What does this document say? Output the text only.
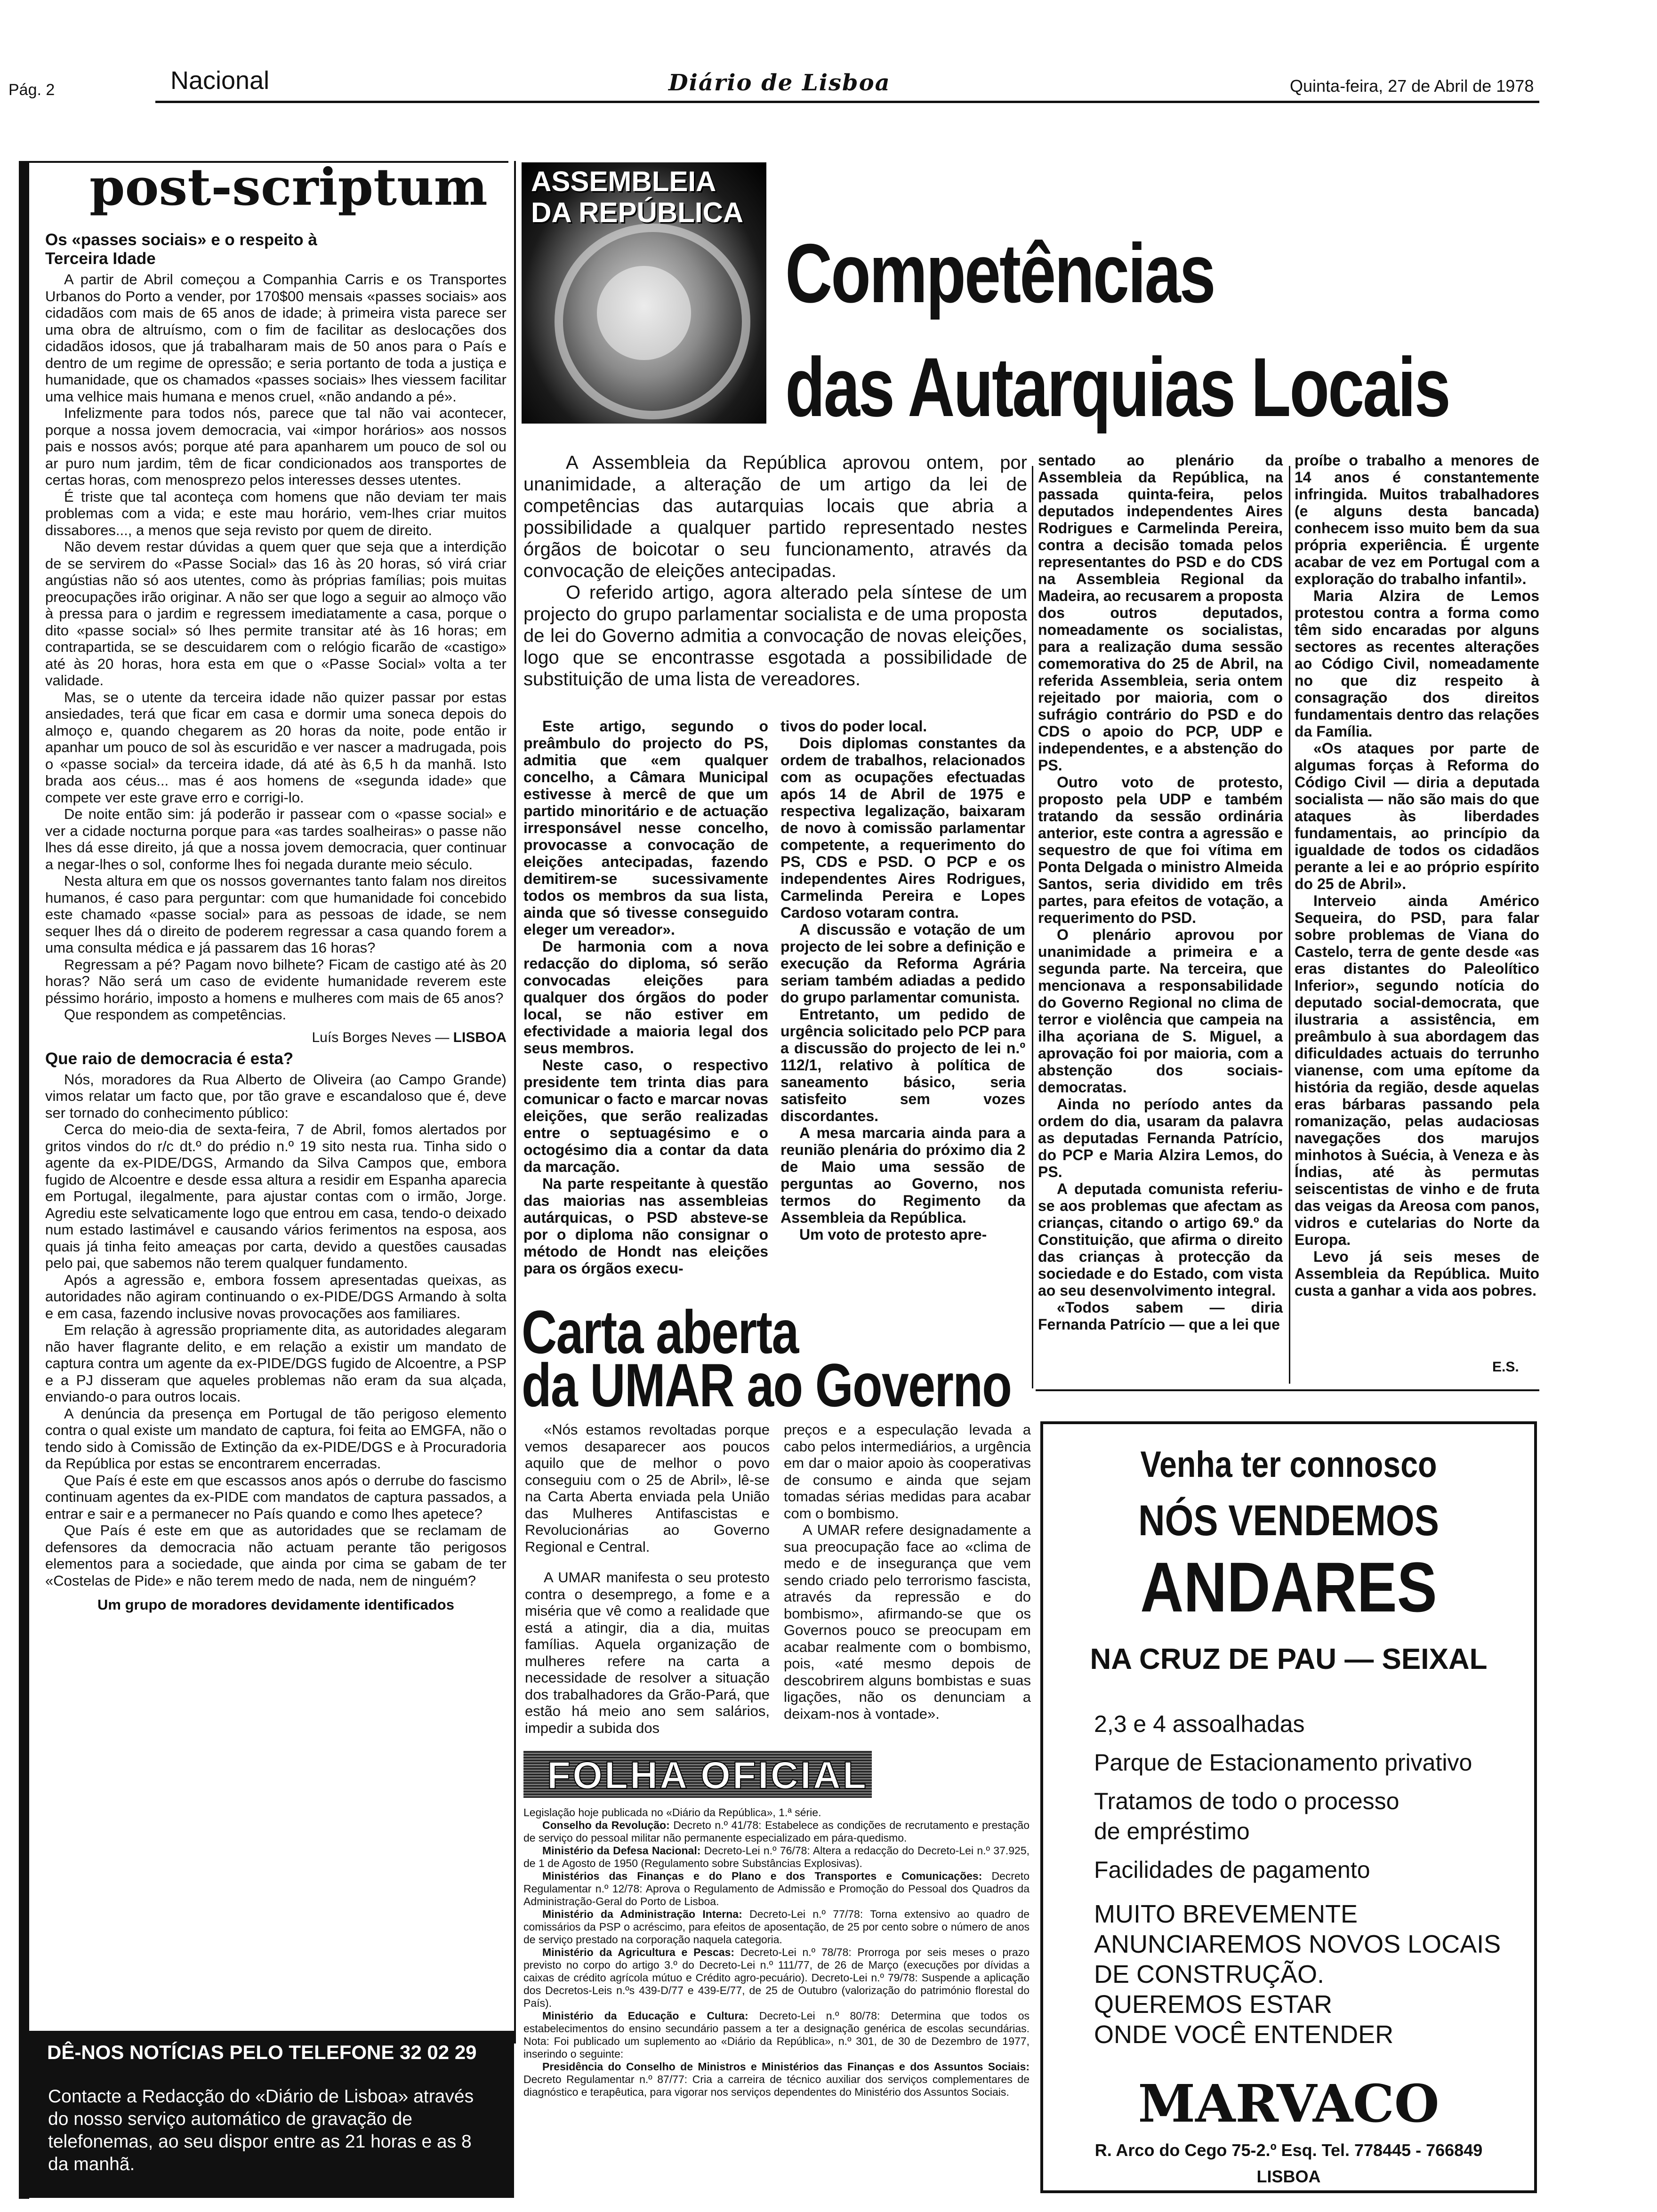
Pág. 2	Nacional	Diário de Lisboa	Quinta-feira, 27 de Abril de 1978
post-scriptum
Os «passes sociais» e o respeito à Terceira Idade

A partir de Abril começou a Companhia Carris e os Transportes Urbanos do Porto a vender, por 170$00 mensais «passes sociais» aos cidadãos com mais de 65 anos de idade; à primeira vista parece ser uma obra de altruísmo, com o fim de facilitar as deslocações dos cidadãos idosos, que já trabalharam mais de 50 anos para o País e dentro de um regime de opressão; e seria portanto de toda a justiça e humanidade, que os chamados «passes sociais» lhes viessem facilitar uma velhice mais humana e menos cruel, «não andando a pé».

Infelizmente para todos nós, parece que tal não vai acontecer, porque a nossa jovem democracia, vai «impor horários» aos nossos pais e nossos avós; porque até para apanharem um pouco de sol ou ar puro num jardim, têm de ficar condicionados aos transportes de certas horas, com menosprezo pelos interesses desses utentes.

É triste que tal aconteça com homens que não deviam ter mais problemas com a vida; e este mau horário, vem-lhes criar muitos dissabores..., a menos que seja revisto por quem de direito.

Não devem restar dúvidas a quem quer que seja que a interdição de se servirem do «Passe Social» das 16 às 20 horas, só virá criar angústias não só aos utentes, como às próprias famílias; pois muitas preocupações irão originar. A não ser que logo a seguir ao almoço vão à pressa para o jardim e regressem imediatamente a casa, porque o dito «passe social» só lhes permite transitar até às 16 horas; em contrapartida, se se descuidarem com o relógio ficarão de «castigo» até às 20 horas, hora esta em que o «Passe Social» volta a ter validade.

Mas, se o utente da terceira idade não quizer passar por estas ansiedades, terá que ficar em casa e dormir uma soneca depois do almoço e, quando chegarem as 20 horas da noite, pode então ir apanhar um pouco de sol às escuridão e ver nascer a madrugada, pois o «passe social» da terceira idade, dá até às 6,5 h da manhã. Isto brada aos céus... mas é aos homens de «segunda idade» que compete ver este grave erro e corrigi-lo.

De noite então sim: já poderão ir passear com o «passe social» e ver a cidade nocturna porque para «as tardes soalheiras» o passe não lhes dá esse direito, já que a nossa jovem democracia, quer continuar a negar-lhes o sol, conforme lhes foi negada durante meio século.

Nesta altura em que os nossos governantes tanto falam nos direitos humanos, é caso para perguntar: com que humanidade foi concebido este chamado «passe social» para as pessoas de idade, se nem sequer lhes dá o direito de poderem regressar a casa quando forem a uma consulta médica e já passarem das 16 horas?

Regressam a pé? Pagam novo bilhete? Ficam de castigo até às 20 horas? Não será um caso de evidente humanidade reverem este péssimo horário, imposto a homens e mulheres com mais de 65 anos?

Que respondem as competências.

Luís Borges Neves — LISBOA
Que raio de democracia é esta?

Nós, moradores da Rua Alberto de Oliveira (ao Campo Grande) vimos relatar um facto que, por tão grave e escandaloso que é, deve ser tornado do conhecimento público:

Cerca do meio-dia de sexta-feira, 7 de Abril, fomos alertados por gritos vindos do r/c dt.º do prédio n.º 19 sito nesta rua. Tinha sido o agente da ex-PIDE/DGS, Armando da Silva Campos que, embora fugido de Alcoentre e desde essa altura a residir em Espanha aparecia em Portugal, ilegalmente, para ajustar contas com o irmão, Jorge. Agrediu este selvaticamente logo que entrou em casa, tendo-o deixado num estado lastimável e causando vários ferimentos na esposa, aos quais já tinha feito ameaças por carta, devido a questões causadas pelo pai, que sabemos não terem qualquer fundamento.

Após a agressão e, embora fossem apresentadas queixas, as autoridades não agiram continuando o ex-PIDE/DGS Armando à solta e em casa, fazendo inclusive novas provocações aos familiares.

Em relação à agressão propriamente dita, as autoridades alegaram não haver flagrante delito, e em relação a existir um mandato de captura contra um agente da ex-PIDE/DGS fugido de Alcoentre, a PSP e a PJ disseram que aqueles problemas não eram da sua alçada, enviando-o para outros locais.

A denúncia da presença em Portugal de tão perigoso elemento contra o qual existe um mandato de captura, foi feita ao EMGFA, não o tendo sido à Comissão de Extinção da ex-PIDE/DGS e à Procuradoria da República por estas se encontrarem encerradas.

Que País é este em que escassos anos após o derrube do fascismo continuam agentes da ex-PIDE com mandatos de captura passados, a entrar e sair e a permanecer no País quando e como lhes apetece?

Que País é este em que as autoridades que se reclamam de defensores da democracia não actuam perante tão perigosos elementos para a sociedade, que ainda por cima se gabam de ter «Costelas de Pide» e não terem medo de nada, nem de ninguém?

Um grupo de moradores devidamente identificados
DÊ-NOS NOTÍCIAS PELO TELEFONE 32 02 29
Contacte a Redacção do «Diário de Lisboa» através do nosso serviço automático de gravação de telefonemas, ao seu dispor entre as 21 horas e as 8 da manhã.
ASSEMBLEIA DA REPÚBLICA
Competências
das Autarquias Locais

A Assembleia da República aprovou ontem, por unanimidade, a alteração de um artigo da lei de competências das autarquias locais que abria a possibilidade a qualquer partido representado nestes órgãos de boicotar o seu funcionamento, através da convocação de eleições antecipadas.

O referido artigo, agora alterado pela síntese de um projecto do grupo parlamentar socialista e de uma proposta de lei do Governo admitia a convocação de novas eleições, logo que se encontrasse esgotada a possibilidade de substituição de uma lista de vereadores.

Este artigo, segundo o preâmbulo do projecto do PS, admitia que «em qualquer concelho, a Câmara Municipal estivesse à mercê de que um partido minoritário e de actuação irresponsável nesse concelho, provocasse a convocação de eleições antecipadas, fazendo demitirem-se sucessivamente todos os membros da sua lista, ainda que só tivesse conseguido eleger um vereador».

De harmonia com a nova redacção do diploma, só serão convocadas eleições para qualquer dos órgãos do poder local, se não estiver em efectividade a maioria legal dos seus membros.

Neste caso, o respectivo presidente tem trinta dias para comunicar o facto e marcar novas eleições, que serão realizadas entre o septuagésimo e o octogésimo dia a contar da data da marcação.

Na parte respeitante à questão das maiorias nas assembleias autárquicas, o PSD absteve-se por o diploma não consignar o método de Hondt nas eleições para os órgãos execu-

tivos do poder local.

Dois diplomas constantes da ordem de trabalhos, relacionados com as ocupações efectuadas após 14 de Abril de 1975 e respectiva legalização, baixaram de novo à comissão parlamentar competente, a requerimento do PS, CDS e PSD. O PCP e os independentes Aires Rodrigues, Carmelinda Pereira e Lopes Cardoso votaram contra.

A discussão e votação de um projecto de lei sobre a definição e execução da Reforma Agrária seriam também adiadas a pedido do grupo parlamentar comunista.

Entretanto, um pedido de urgência solicitado pelo PCP para a discussão do projecto de lei n.º 112/1, relativo à política de saneamento básico, seria satisfeito sem vozes discordantes.

A mesa marcaria ainda para a reunião plenária do próximo dia 2 de Maio uma sessão de perguntas ao Governo, nos termos do Regimento da Assembleia da República.

Um voto de protesto apre-

sentado ao plenário da Assembleia da República, na passada quinta-feira, pelos deputados independentes Aires Rodrigues e Carmelinda Pereira, contra a decisão tomada pelos representantes do PSD e do CDS na Assembleia Regional da Madeira, ao recusarem a proposta dos outros deputados, nomeadamente os socialistas, para a realização duma sessão comemorativa do 25 de Abril, na referida Assembleia, seria ontem rejeitado por maioria, com o sufrágio contrário do PSD e do CDS o apoio do PCP, UDP e independentes, e a abstenção do PS.

Outro voto de protesto, proposto pela UDP e também tratando da sessão ordinária anterior, este contra a agressão e sequestro de que foi vítima em Ponta Delgada o ministro Almeida Santos, seria dividido em três partes, para efeitos de votação, a requerimento do PSD.

O plenário aprovou por unanimidade a primeira e a segunda parte. Na terceira, que mencionava a responsabilidade do Governo Regional no clima de terror e violência que campeia na ilha açoriana de S. Miguel, a aprovação foi por maioria, com a abstenção dos sociais-democratas.

Ainda no período antes da ordem do dia, usaram da palavra as deputadas Fernanda Patrício, do PCP e Maria Alzira Lemos, do PS.

A deputada comunista referiu-se aos problemas que afectam as crianças, citando o artigo 69.º da Constituição, que afirma o direito das crianças à protecção da sociedade e do Estado, com vista ao seu desenvolvimento integral.

«Todos sabem — diria Fernanda Patrício — que a lei que

proíbe o trabalho a menores de 14 anos é constantemente infringida. Muitos trabalhadores (e alguns desta bancada) conhecem isso muito bem da sua própria experiência. É urgente acabar de vez em Portugal com a exploração do trabalho infantil».

Maria Alzira de Lemos protestou contra a forma como têm sido encaradas por alguns sectores as recentes alterações ao Código Civil, nomeadamente no que diz respeito à consagração dos direitos fundamentais dentro das relações da Família.

«Os ataques por parte de algumas forças à Reforma do Código Civil — diria a deputada socialista — não são mais do que ataques às liberdades fundamentais, ao princípio da igualdade de todos os cidadãos perante a lei e ao próprio espírito do 25 de Abril».

Interveio ainda Américo Sequeira, do PSD, para falar sobre problemas de Viana do Castelo, terra de gente desde «as eras distantes do Paleolítico Inferior», segundo notícia do deputado social-democrata, que ilustraria a assistência, em preâmbulo à sua abordagem das dificuldades actuais do terrunho vianense, com uma epítome da história da região, desde aquelas eras bárbaras passando pela romanização, pelas audaciosas navegações dos marujos minhotos à Suécia, à Veneza e às Índias, até às permutas seiscentistas de vinho e de fruta das veigas da Areosa com panos, vidros e cutelarias do Norte da Europa.

Levo já seis meses de Assembleia da República. Muito custa a ganhar a vida aos pobres.

E.S.
Carta aberta
da UMAR ao Governo

«Nós estamos revoltadas porque vemos desaparecer aos poucos aquilo que de melhor o povo conseguiu com o 25 de Abril», lê-se na Carta Aberta enviada pela União das Mulheres Antifascistas e Revolucionárias ao Governo Regional e Central.

A UMAR manifesta o seu protesto contra o desemprego, a fome e a miséria que vê como a realidade que está a atingir, dia a dia, muitas famílias. Aquela organização de mulheres refere na carta a necessidade de resolver a situação dos trabalhadores da Grão-Pará, que estão há meio ano sem salários, impedir a subida dos

preços e a especulação levada a cabo pelos intermediários, a urgência em dar o maior apoio às cooperativas de consumo e ainda que sejam tomadas sérias medidas para acabar com o bombismo.

A UMAR refere designadamente a sua preocupação face ao «clima de medo e de insegurança que vem sendo criado pelo terrorismo fascista, através da repressão e do bombismo», afirmando-se que os Governos pouco se preocupam em acabar realmente com o bombismo, pois, «até mesmo depois de descobrirem alguns bombistas e suas ligações, não os denunciam a deixam-nos à vontade».

FOLHA OFICIAL
Legislação hoje publicada no «Diário da República», 1.ª série.
Conselho da Revolução: Decreto n.º 41/78: Estabelece as condições de recrutamento e prestação de serviço do pessoal militar não permanente especializado em pára-quedismo.
Ministério da Defesa Nacional: Decreto-Lei n.º 76/78: Altera a redacção do Decreto-Lei n.º 37.925, de 1 de Agosto de 1950 (Regulamento sobre Substâncias Explosivas).
Ministérios das Finanças e do Plano e dos Transportes e Comunicações: Decreto Regulamentar n.º 12/78: Aprova o Regulamento de Admissão e Promoção do Pessoal dos Quadros da Administração-Geral do Porto de Lisboa.
Ministério da Administração Interna: Decreto-Lei n.º 77/78: Torna extensivo ao quadro de comissários da PSP o acréscimo, para efeitos de aposentação, de 25 por cento sobre o número de anos de serviço prestado na corporação naquela categoria.
Ministério da Agricultura e Pescas: Decreto-Lei n.º 78/78: Prorroga por seis meses o prazo previsto no corpo do artigo 3.º do Decreto-Lei n.º 111/77, de 26 de Março (execuções por dívidas a caixas de crédito agrícola mútuo e Crédito agro-pecuário). Decreto-Lei n.º 79/78: Suspende a aplicação dos Decretos-Leis n.ºs 439-D/77 e 439-E/77, de 25 de Outubro (valorização do património florestal do País).
Ministério da Educação e Cultura: Decreto-Lei n.º 80/78: Determina que todos os estabelecimentos do ensino secundário passem a ter a designação genérica de escolas secundárias. Nota: Foi publicado um suplemento ao «Diário da República», n.º 301, de 30 de Dezembro de 1977, inserindo o seguinte:
Presidência do Conselho de Ministros e Ministérios das Finanças e dos Assuntos Sociais: Decreto Regulamentar n.º 87/77: Cria a carreira de técnico auxiliar dos serviços complementares de diagnóstico e terapêutica, para vigorar nos serviços dependentes do Ministério dos Assuntos Sociais.
Venha ter connosco
NÓS VENDEMOS
ANDARES
NA CRUZ DE PAU — SEIXAL
2,3 e 4 assoalhadas
Parque de Estacionamento privativo
Tratamos de todo o processo
de empréstimo
Facilidades de pagamento
MUITO BREVEMENTE
ANUNCIAREMOS NOVOS LOCAIS
DE CONSTRUÇÃO.
QUEREMOS ESTAR
ONDE VOCÊ ENTENDER
MARVACO
R. Arco do Cego 75-2.º Esq. Tel. 778445 - 766849
LISBOA
